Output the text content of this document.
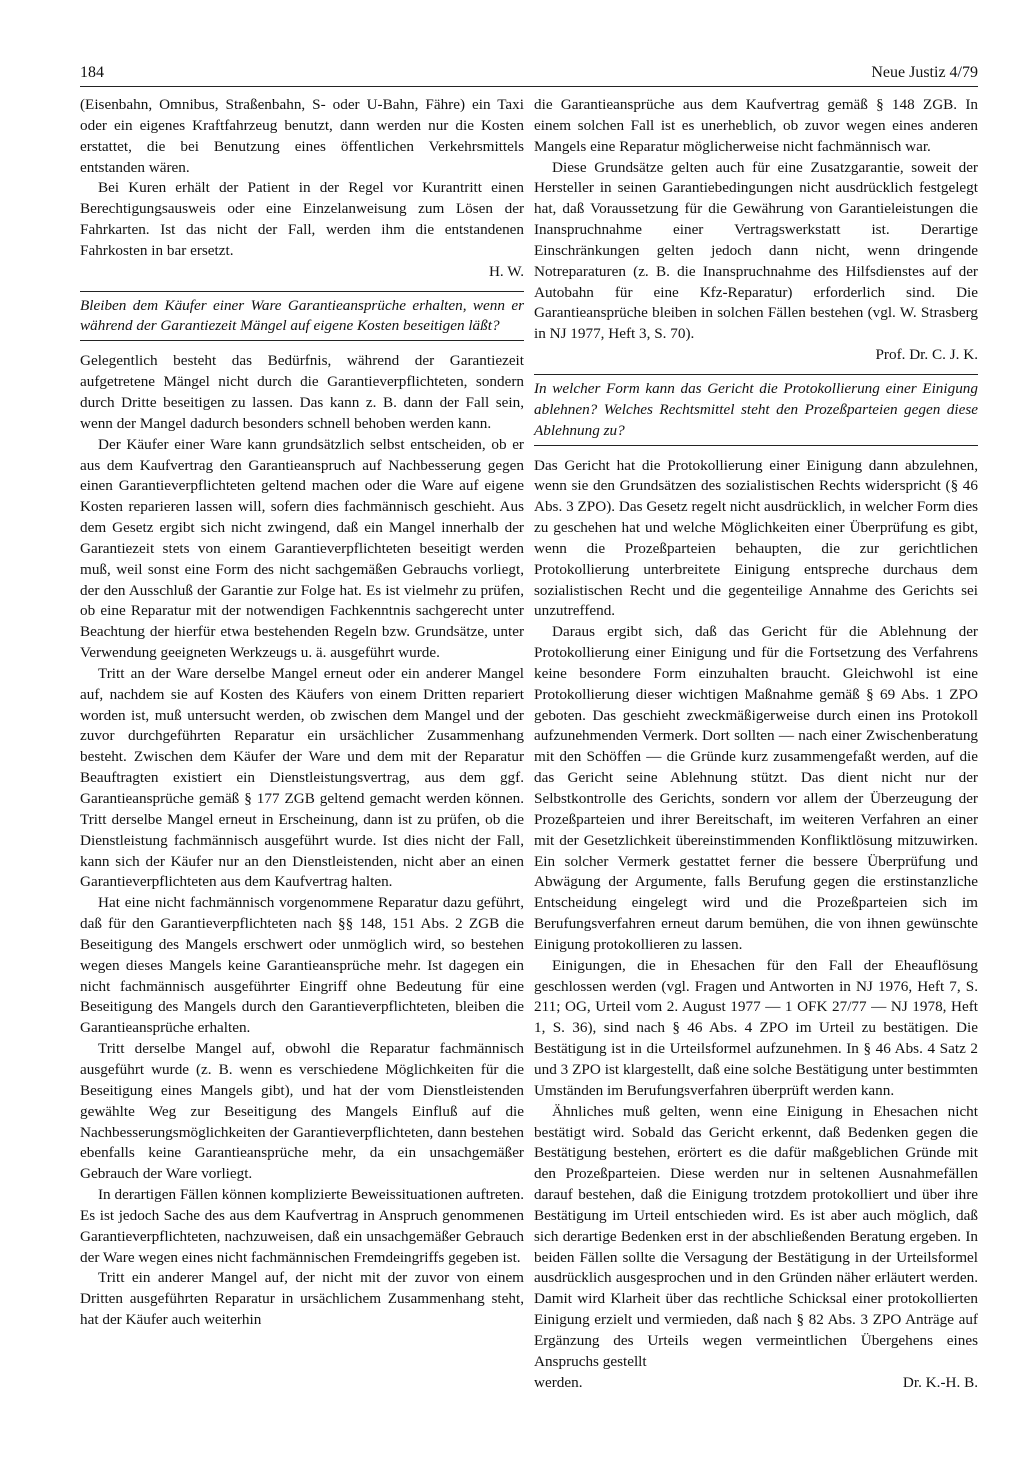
184	Neue Justiz 4/79

(Eisenbahn, Omnibus, Straßenbahn, S- oder U-Bahn, Fähre) ein Taxi oder ein eigenes Kraftfahrzeug benutzt, dann werden nur die Kosten erstattet, die bei Benutzung eines öffentlichen Verkehrsmittels entstanden wären.

Bei Kuren erhält der Patient in der Regel vor Kurantritt einen Berechtigungsausweis oder eine Einzelanweisung zum Lösen der Fahrkarten. Ist das nicht der Fall, werden ihm die entstandenen Fahrkosten in bar ersetzt.

H. W.

Bleiben dem Käufer einer Ware Garantieansprüche erhalten, wenn er während der Garantiezeit Mängel auf eigene Kosten beseitigen läßt?

Gelegentlich besteht das Bedürfnis, während der Garantiezeit aufgetretene Mängel nicht durch die Garantieverpflichteten, sondern durch Dritte beseitigen zu lassen. Das kann z. B. dann der Fall sein, wenn der Mangel dadurch besonders schnell behoben werden kann.

Der Käufer einer Ware kann grundsätzlich selbst entscheiden, ob er aus dem Kaufvertrag den Garantieanspruch auf Nachbesserung gegen einen Garantieverpflichteten geltend machen oder die Ware auf eigene Kosten reparieren lassen will, sofern dies fachmännisch geschieht. Aus dem Gesetz ergibt sich nicht zwingend, daß ein Mangel innerhalb der Garantiezeit stets von einem Garantieverpflichteten beseitigt werden muß, weil sonst eine Form des nicht sachgemäßen Gebrauchs vorliegt, der den Ausschluß der Garantie zur Folge hat. Es ist vielmehr zu prüfen, ob eine Reparatur mit der notwendigen Fachkenntnis sachgerecht unter Beachtung der hierfür etwa bestehenden Regeln bzw. Grundsätze, unter Verwendung geeigneten Werkzeugs u. ä. ausgeführt wurde.

Tritt an der Ware derselbe Mangel erneut oder ein anderer Mangel auf, nachdem sie auf Kosten des Käufers von einem Dritten repariert worden ist, muß untersucht werden, ob zwischen dem Mangel und der zuvor durchgeführten Reparatur ein ursächlicher Zusammenhang besteht. Zwischen dem Käufer der Ware und dem mit der Reparatur Beauftragten existiert ein Dienstleistungsvertrag, aus dem ggf. Garantieansprüche gemäß § 177 ZGB geltend gemacht werden können. Tritt derselbe Mangel erneut in Erscheinung, dann ist zu prüfen, ob die Dienstleistung fachmännisch ausgeführt wurde. Ist dies nicht der Fall, kann sich der Käufer nur an den Dienstleistenden, nicht aber an einen Garantieverpflichteten aus dem Kaufvertrag halten.

Hat eine nicht fachmännisch vorgenommene Reparatur dazu geführt, daß für den Garantieverpflichteten nach §§ 148, 151 Abs. 2 ZGB die Beseitigung des Mangels erschwert oder unmöglich wird, so bestehen wegen dieses Mangels keine Garantieansprüche mehr. Ist dagegen ein nicht fachmännisch ausgeführter Eingriff ohne Bedeutung für eine Beseitigung des Mangels durch den Garantieverpflichteten, bleiben die Garantieansprüche erhalten.

Tritt derselbe Mangel auf, obwohl die Reparatur fachmännisch ausgeführt wurde (z. B. wenn es verschiedene Möglichkeiten für die Beseitigung eines Mangels gibt), und hat der vom Dienstleistenden gewählte Weg zur Beseitigung des Mangels Einfluß auf die Nachbesserungsmöglichkeiten der Garantieverpflichteten, dann bestehen ebenfalls keine Garantieansprüche mehr, da ein unsachgemäßer Gebrauch der Ware vorliegt.

In derartigen Fällen können komplizierte Beweissituationen auftreten. Es ist jedoch Sache des aus dem Kaufvertrag in Anspruch genommenen Garantieverpflichteten, nachzuweisen, daß ein unsachgemäßer Gebrauch der Ware wegen eines nicht fachmännischen Fremdeingriffs gegeben ist.

Tritt ein anderer Mangel auf, der nicht mit der zuvor von einem Dritten ausgeführten Reparatur in ursächlichem Zusammenhang steht, hat der Käufer auch weiterhin

die Garantieansprüche aus dem Kaufvertrag gemäß § 148 ZGB. In einem solchen Fall ist es unerheblich, ob zuvor wegen eines anderen Mangels eine Reparatur möglicherweise nicht fachmännisch war.

Diese Grundsätze gelten auch für eine Zusatzgarantie, soweit der Hersteller in seinen Garantiebedingungen nicht ausdrücklich festgelegt hat, daß Voraussetzung für die Gewährung von Garantieleistungen die Inanspruchnahme einer Vertragswerkstatt ist. Derartige Einschränkungen gelten jedoch dann nicht, wenn dringende Notreparaturen (z. B. die Inanspruchnahme des Hilfsdienstes auf der Autobahn für eine Kfz-Reparatur) erforderlich sind. Die Garantieansprüche bleiben in solchen Fällen bestehen (vgl. W. Strasberg in NJ 1977, Heft 3, S. 70).

Prof. Dr. C. J. K.

In welcher Form kann das Gericht die Protokollierung einer Einigung ablehnen? Welches Rechtsmittel steht den Prozeßparteien gegen diese Ablehnung zu?

Das Gericht hat die Protokollierung einer Einigung dann abzulehnen, wenn sie den Grundsätzen des sozialistischen Rechts widerspricht (§ 46 Abs. 3 ZPO). Das Gesetz regelt nicht ausdrücklich, in welcher Form dies zu geschehen hat und welche Möglichkeiten einer Überprüfung es gibt, wenn die Prozeßparteien behaupten, die zur gerichtlichen Protokollierung unterbreitete Einigung entspreche durchaus dem sozialistischen Recht und die gegenteilige Annahme des Gerichts sei unzutreffend.

Daraus ergibt sich, daß das Gericht für die Ablehnung der Protokollierung einer Einigung und für die Fortsetzung des Verfahrens keine besondere Form einzuhalten braucht. Gleichwohl ist eine Protokollierung dieser wichtigen Maßnahme gemäß § 69 Abs. 1 ZPO geboten. Das geschieht zweckmäßigerweise durch einen ins Protokoll aufzunehmenden Vermerk. Dort sollten — nach einer Zwischenberatung mit den Schöffen — die Gründe kurz zusammengefaßt werden, auf die das Gericht seine Ablehnung stützt. Das dient nicht nur der Selbstkontrolle des Gerichts, sondern vor allem der Überzeugung der Prozeßparteien und ihrer Bereitschaft, im weiteren Verfahren an einer mit der Gesetzlichkeit übereinstimmenden Konfliktlösung mitzuwirken. Ein solcher Vermerk gestattet ferner die bessere Überprüfung und Abwägung der Argumente, falls Berufung gegen die erstinstanzliche Entscheidung eingelegt wird und die Prozeßparteien sich im Berufungsverfahren erneut darum bemühen, die von ihnen gewünschte Einigung protokollieren zu lassen.

Einigungen, die in Ehesachen für den Fall der Eheauflösung geschlossen werden (vgl. Fragen und Antworten in NJ 1976, Heft 7, S. 211; OG, Urteil vom 2. August 1977 — 1 OFK 27/77 — NJ 1978, Heft 1, S. 36), sind nach § 46 Abs. 4 ZPO im Urteil zu bestätigen. Die Bestätigung ist in die Urteilsformel aufzunehmen. In § 46 Abs. 4 Satz 2 und 3 ZPO ist klargestellt, daß eine solche Bestätigung unter bestimmten Umständen im Berufungsverfahren überprüft werden kann.

Ähnliches muß gelten, wenn eine Einigung in Ehesachen nicht bestätigt wird. Sobald das Gericht erkennt, daß Bedenken gegen die Bestätigung bestehen, erörtert es die dafür maßgeblichen Gründe mit den Prozeßparteien. Diese werden nur in seltenen Ausnahmefällen darauf bestehen, daß die Einigung trotzdem protokolliert und über ihre Bestätigung im Urteil entschieden wird. Es ist aber auch möglich, daß sich derartige Bedenken erst in der abschließenden Beratung ergeben. In beiden Fällen sollte die Versagung der Bestätigung in der Urteilsformel ausdrücklich ausgesprochen und in den Gründen näher erläutert werden. Damit wird Klarheit über das rechtliche Schicksal einer protokollierten Einigung erzielt und vermieden, daß nach § 82 Abs. 3 ZPO Anträge auf Ergänzung des Urteils wegen vermeintlichen Übergehens eines Anspruchs gestellt

werden.	Dr. K.-H. B.
